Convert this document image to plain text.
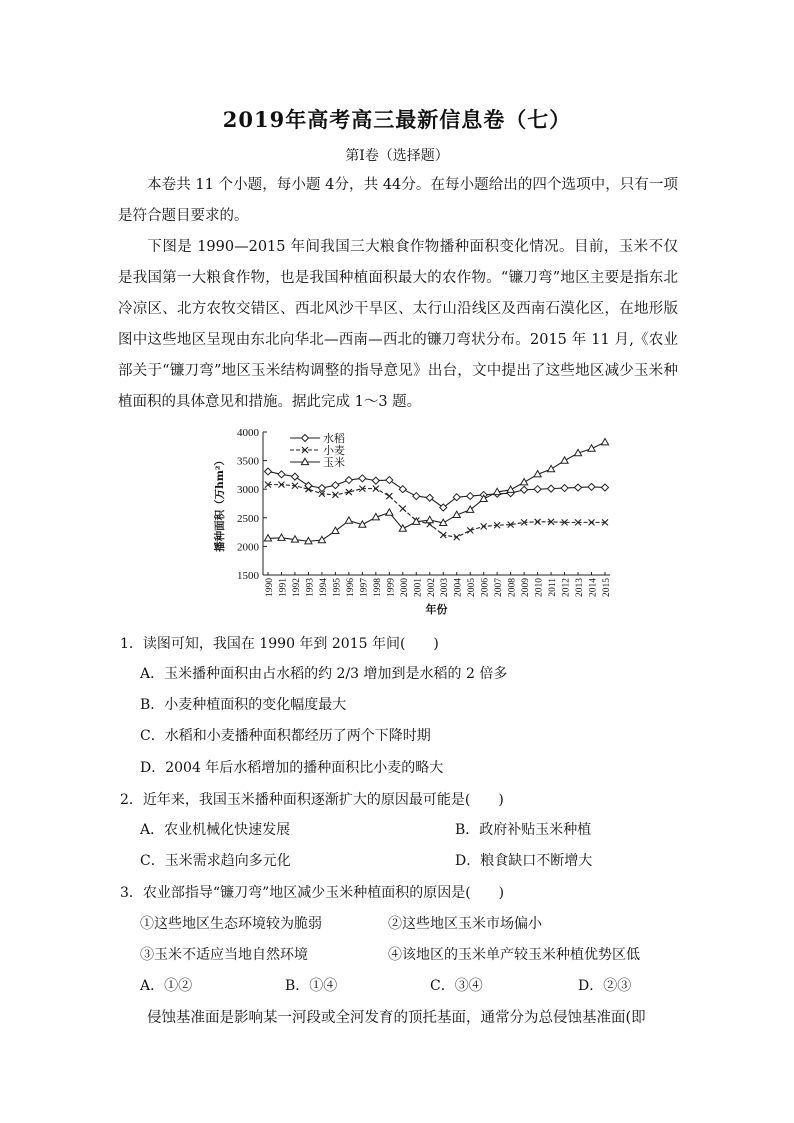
2019年高考高三最新信息卷（七）
第Ⅰ卷（选择题）

本卷共 11 个小题，每小题 4分，共 44分。在每小题给出的四个选项中，只有一项是符合题目要求的。

下图是 1990—2015 年间我国三大粮食作物播种面积变化情况。目前，玉米不仅是我国第一大粮食作物，也是我国种植面积最大的农作物。“镰刀弯”地区主要是指东北冷凉区、北方农牧交错区、西北风沙干旱区、太行山沿线区及西南石漠化区，在地形版图中这些地区呈现由东北向华北—西南—西北的镰刀弯状分布。2015 年 11 月,《农业部关于“镰刀弯”地区玉米结构调整的指导意见》出台，文中提出了这些地区减少玉米种植面积的具体意见和措施。据此完成 1～3 题。

1500
2000
2500
3000
3500
4000
1990 1991 1992 1993 1994 1995 1996 1997 1998 1999 2000 2001 2002 2003 2004 2005 2006 2007 2008 2009 2010 2011 2012 2013 2014 2015
播种面积（万hm²）
年份
水稻
小麦
玉米
1．读图可知，我国在 1990 年到 2015 年间(　　)
A．玉米播种面积由占水稻的约 2/3 增加到是水稻的 2 倍多
B．小麦种植面积的变化幅度最大
C．水稻和小麦播种面积都经历了两个下降时期
D．2004 年后水稻增加的播种面积比小麦的略大
2．近年来，我国玉米播种面积逐渐扩大的原因最可能是(　　)
A．农业机械化快速发展	B．政府补贴玉米种植
C．玉米需求趋向多元化	D．粮食缺口不断增大
3．农业部指导“镰刀弯”地区减少玉米种植面积的原因是(　　)
①这些地区生态环境较为脆弱	②这些地区玉米市场偏小
③玉米不适应当地自然环境	④该地区的玉米单产较玉米种植优势区低
A．①②	B．①④	C．③④	D．②③

侵蚀基准面是影响某一河段或全河发育的顶托基面，通常分为总侵蚀基准面(即
